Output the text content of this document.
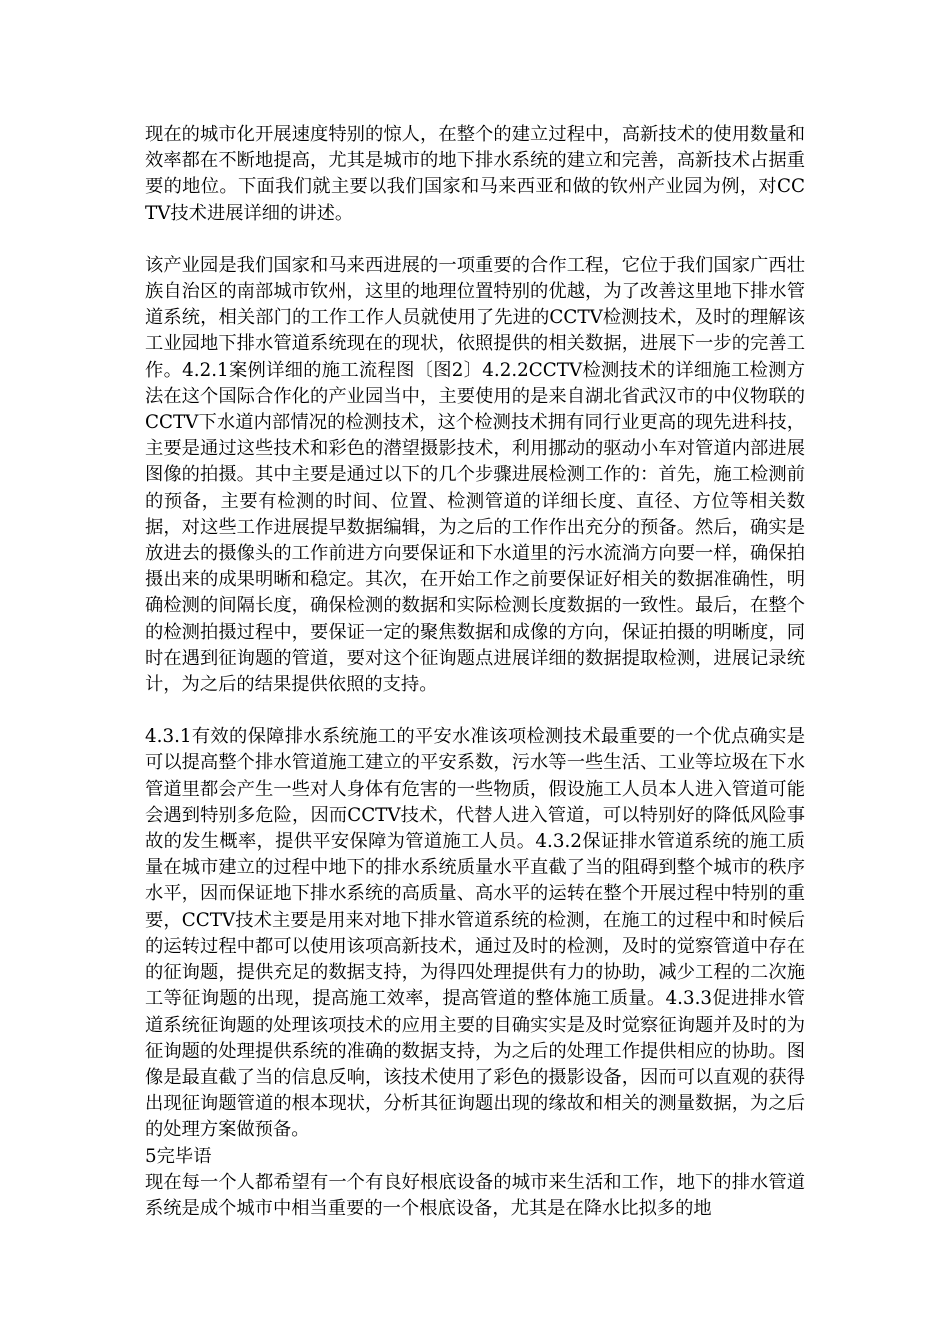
现在的城市化开展速度特别的惊人，在整个的建立过程中，高新技术的使用数量和效率都在不断地提高，尤其是城市的地下排水系统的建立和完善，高新技术占据重要的地位。下面我们就主要以我们国家和马来西亚和做的钦州产业园为例，对CCTV技术进展详细的讲述。

该产业园是我们国家和马来西进展的一项重要的合作工程，它位于我们国家广西壮族自治区的南部城市钦州，这里的地理位置特别的优越，为了改善这里地下排水管道系统，相关部门的工作工作人员就使用了先进的CCTV检测技术，及时的理解该工业园地下排水管道系统现在的现状，依照提供的相关数据，进展下一步的完善工作。4.2.1案例详细的施工流程图〔图2〕4.2.2CCTV检测技术的详细施工检测方法在这个国际合作化的产业园当中，主要使用的是来自湖北省武汉市的中仪物联的CCTV下水道内部情况的检测技术，这个检测技术拥有同行业更高的现先进科技，主要是通过这些技术和彩色的潜望摄影技术，利用挪动的驱动小车对管道内部进展图像的拍摄。其中主要是通过以下的几个步骤进展检测工作的：首先，施工检测前的预备，主要有检测的时间、位置、检测管道的详细长度、直径、方位等相关数据，对这些工作进展提早数据编辑，为之后的工作作出充分的预备。然后，确实是放进去的摄像头的工作前进方向要保证和下水道里的污水流淌方向要一样，确保拍摄出来的成果明晰和稳定。其次，在开始工作之前要保证好相关的数据准确性，明确检测的间隔长度，确保检测的数据和实际检测长度数据的一致性。最后，在整个的检测拍摄过程中，要保证一定的聚焦数据和成像的方向，保证拍摄的明晰度，同时在遇到征询题的管道，要对这个征询题点进展详细的数据提取检测，进展记录统计，为之后的结果提供依照的支持。

4.3.1有效的保障排水系统施工的平安水准该项检测技术最重要的一个优点确实是可以提高整个排水管道施工建立的平安系数，污水等一些生活、工业等垃圾在下水管道里都会产生一些对人身体有危害的一些物质，假设施工人员本人进入管道可能会遇到特别多危险，因而CCTV技术，代替人进入管道，可以特别好的降低风险事故的发生概率，提供平安保障为管道施工人员。4.3.2保证排水管道系统的施工质量在城市建立的过程中地下的排水系统质量水平直截了当的阻碍到整个城市的秩序水平，因而保证地下排水系统的高质量、高水平的运转在整个开展过程中特别的重要，CCTV技术主要是用来对地下排水管道系统的检测，在施工的过程中和时候后的运转过程中都可以使用该项高新技术，通过及时的检测，及时的觉察管道中存在的征询题，提供充足的数据支持，为得四处理提供有力的协助，减少工程的二次施工等征询题的出现，提高施工效率，提高管道的整体施工质量。4.3.3促进排水管道系统征询题的处理该项技术的应用主要的目确实实是及时觉察征询题并及时的为征询题的处理提供系统的准确的数据支持，为之后的处理工作提供相应的协助。图像是最直截了当的信息反响，该技术使用了彩色的摄影设备，因而可以直观的获得出现征询题管道的根本现状，分析其征询题出现的缘故和相关的测量数据，为之后的处理方案做预备。

5完毕语

现在每一个人都希望有一个有良好根底设备的城市来生活和工作，地下的排水管道系统是成个城市中相当重要的一个根底设备，尤其是在降水比拟多的地
